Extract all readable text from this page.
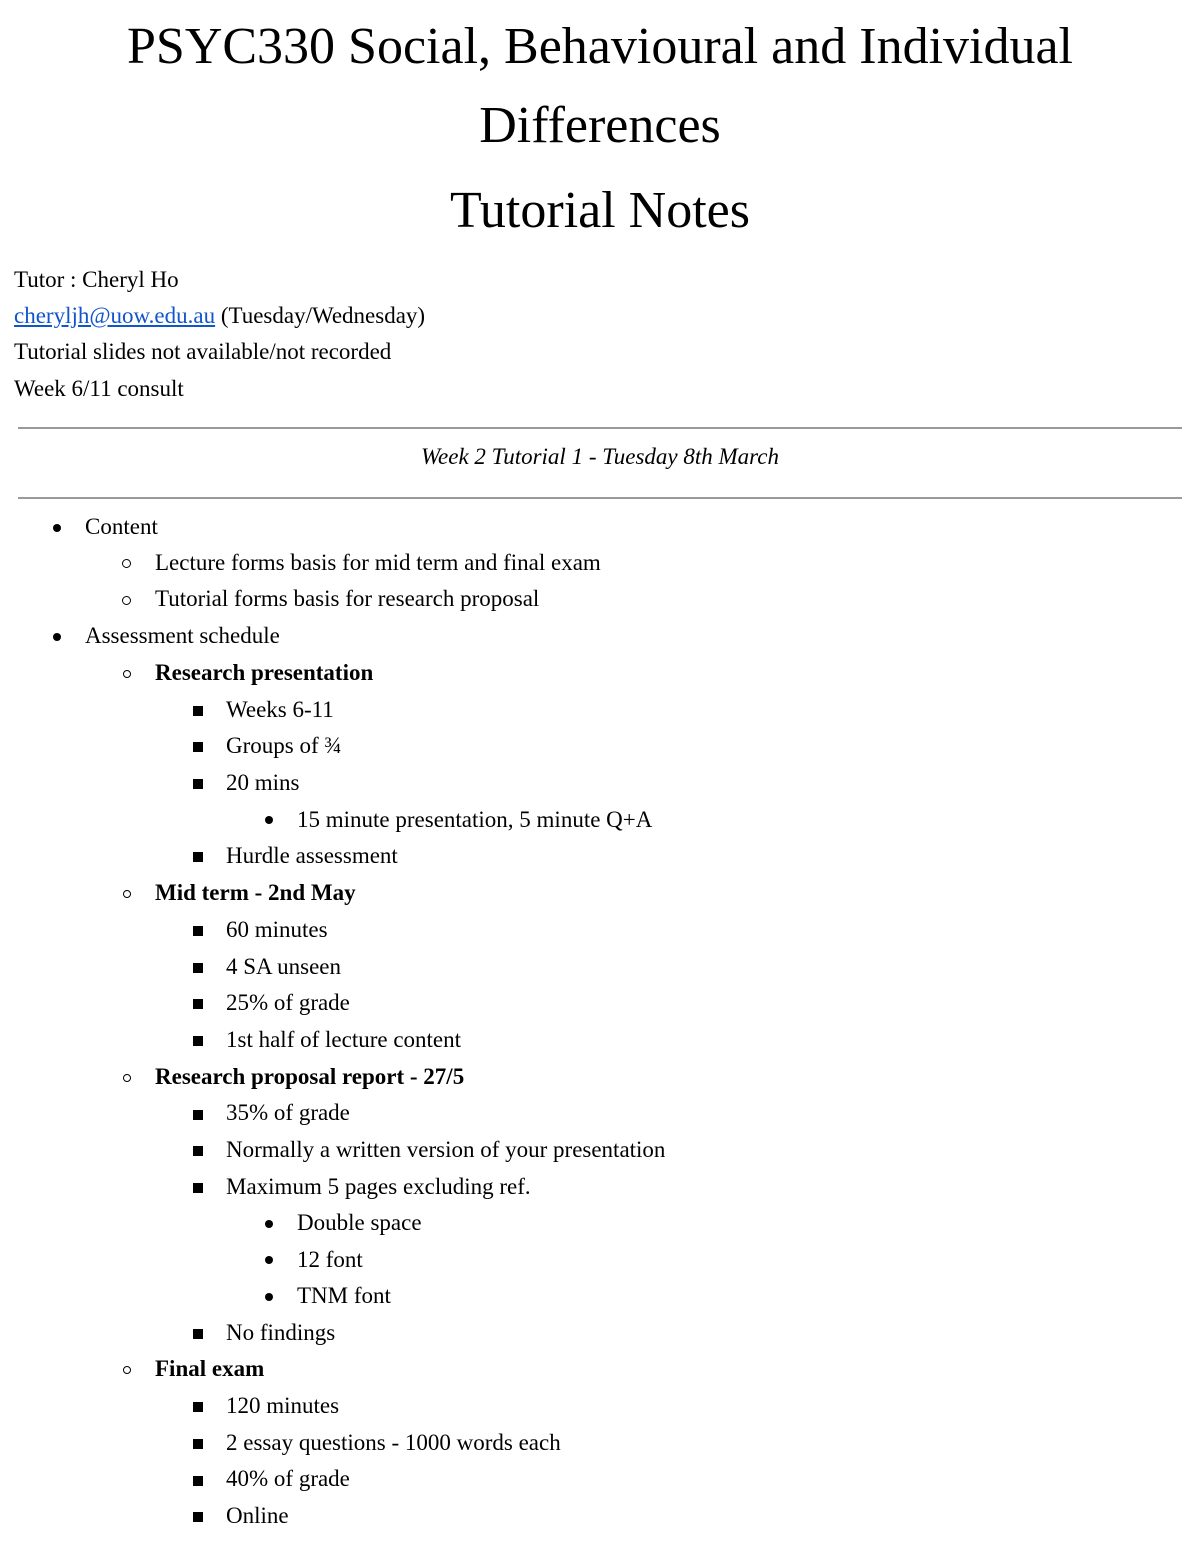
PSYC330 Social, Behavioural and Individual
Differences
Tutorial Notes
Tutor : Cheryl Ho
cheryljh@uow.edu.au (Tuesday/Wednesday)
Tutorial slides not available/not recorded
Week 6/11 consult
Week 2 Tutorial 1 - Tuesday 8th March
Content
Lecture forms basis for mid term and final exam
Tutorial forms basis for research proposal
Assessment schedule
Research presentation
Weeks 6-11
Groups of ¾
20 mins
15 minute presentation, 5 minute Q+A
Hurdle assessment
Mid term - 2nd May
60 minutes
4 SA unseen
25% of grade
1st half of lecture content
Research proposal report - 27/5
35% of grade
Normally a written version of your presentation
Maximum 5 pages excluding ref.
Double space
12 font
TNM font
No findings
Final exam
120 minutes
2 essay questions - 1000 words each
40% of grade
Online
